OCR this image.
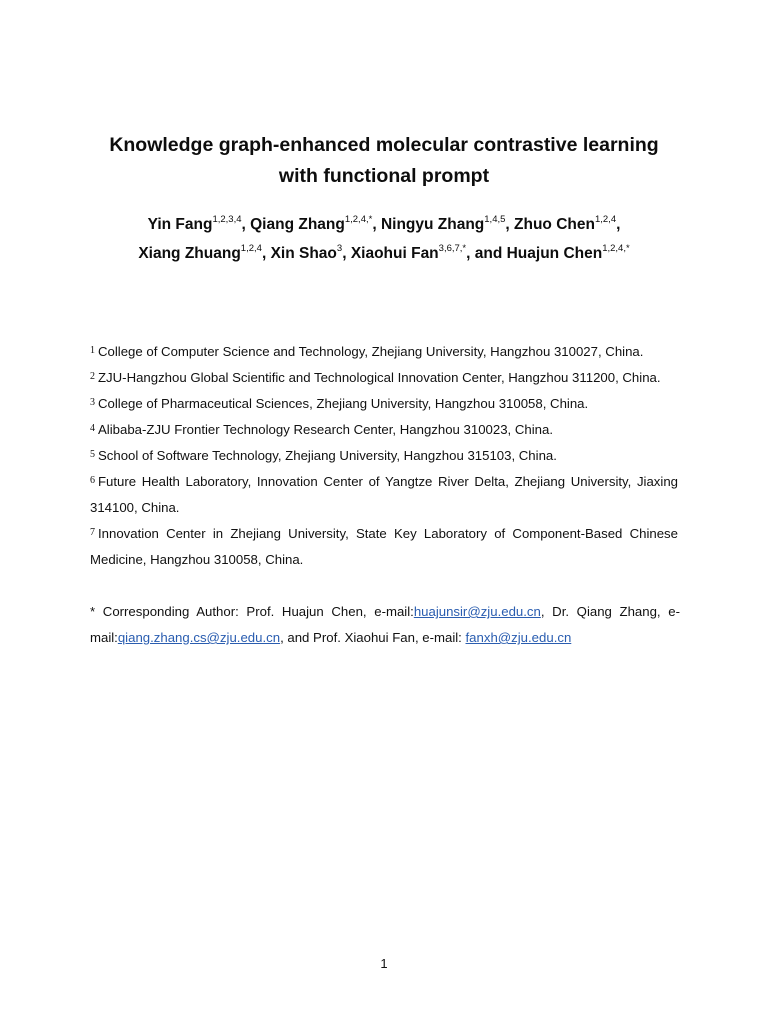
Knowledge graph-enhanced molecular contrastive learning
with functional prompt
Yin Fang$^{1,2,3,4}$, Qiang Zhang$^{1,2,4,*}$, Ningyu Zhang$^{1,4,5}$, Zhuo Chen$^{1,2,4}$,
Xiang Zhuang$^{1,2,4}$, Xin Shao$^3$, Xiaohui Fan$^{3,6,7,*}$, and Huajun Chen$^{1,2,4,*}$

$^1$ College of Computer Science and Technology, Zhejiang University, Hangzhou 310027, China.

$^2$ ZJU-Hangzhou Global Scientific and Technological Innovation Center, Hangzhou 311200, China.

$^3$ College of Pharmaceutical Sciences, Zhejiang University, Hangzhou 310058, China.

$^4$ Alibaba-ZJU Frontier Technology Research Center, Hangzhou 310023, China.

$^5$ School of Software Technology, Zhejiang University, Hangzhou 315103, China.

$^6$ Future Health Laboratory, Innovation Center of Yangtze River Delta, Zhejiang University, Jiaxing 314100, China.

$^7$ Innovation Center in Zhejiang University, State Key Laboratory of Component-Based Chinese Medicine, Hangzhou 310058, China.

* Corresponding Author: Prof. Huajun Chen, e-mail:huajunsir@zju.edu.cn, Dr. Qiang Zhang, e-mail:qiang.zhang.cs@zju.edu.cn, and Prof. Xiaohui Fan, e-mail: fanxh@zju.edu.cn
1
